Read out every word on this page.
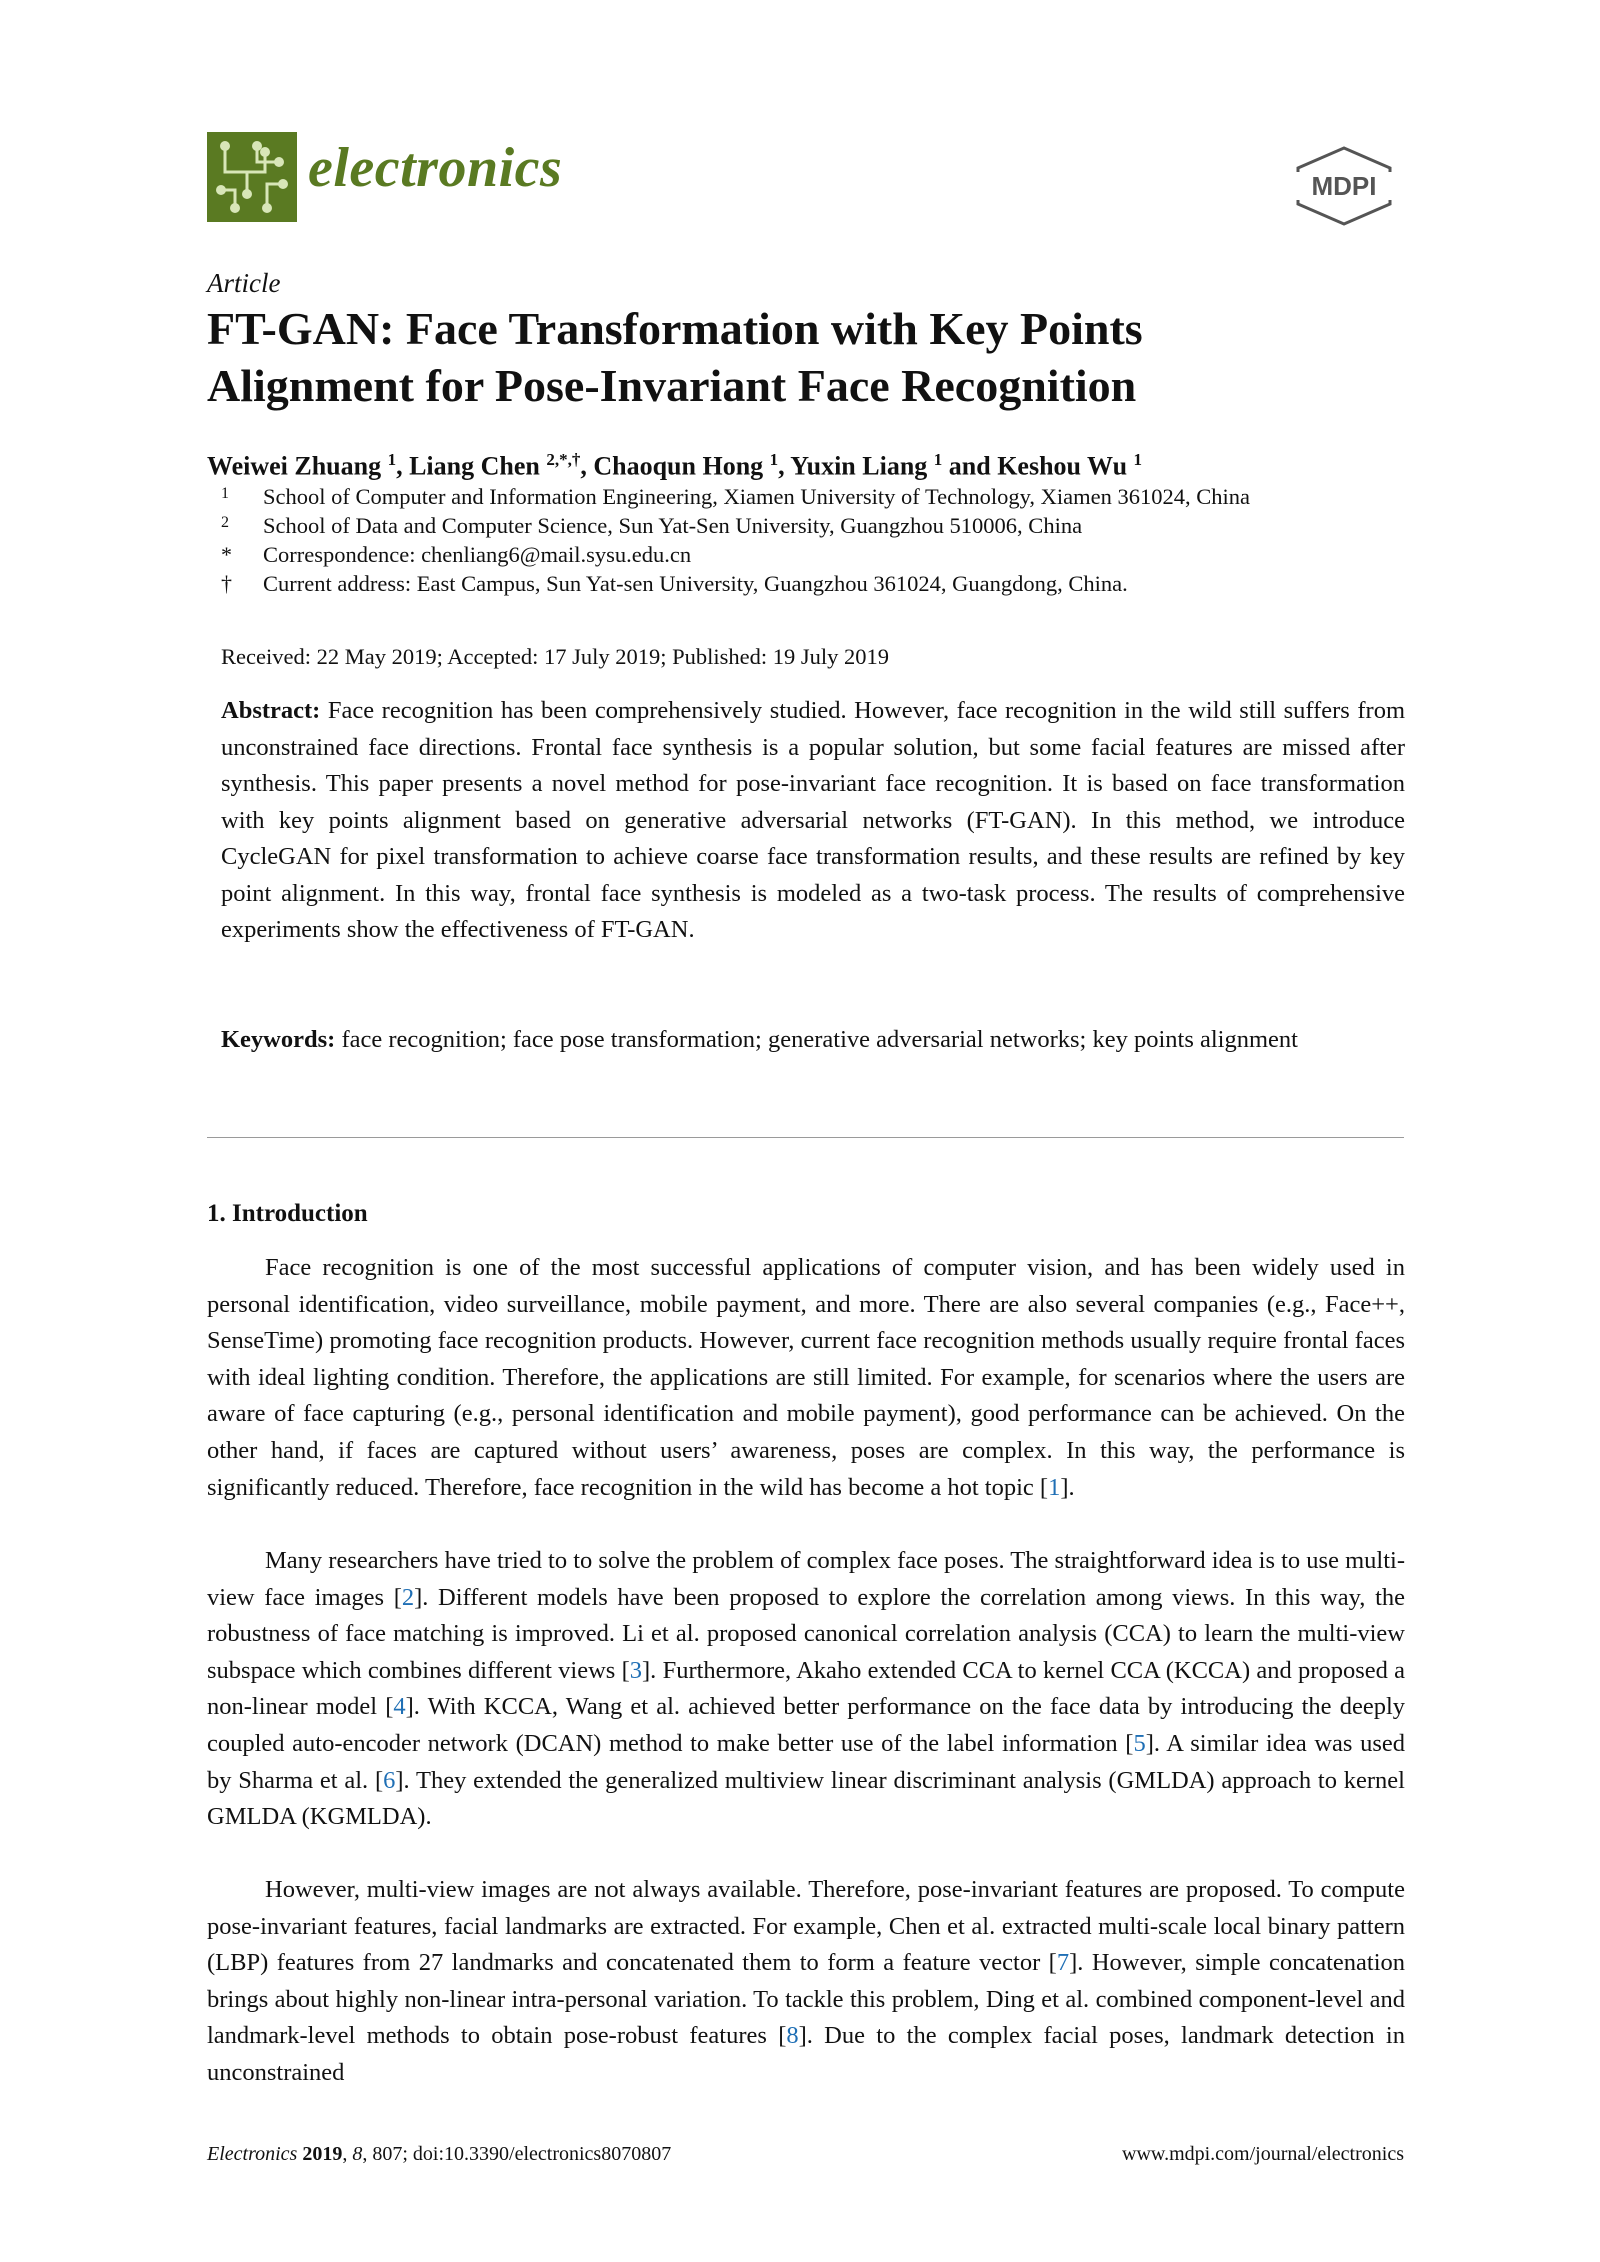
electronics	MDPI
Article
FT-GAN: Face Transformation with Key Points
Alignment for Pose-Invariant Face Recognition
Weiwei Zhuang $^1$, Liang Chen $^{2,*,\dagger}$, Chaoqun Hong $^1$, Yuxin Liang $^1$ and Keshou Wu $^1$
1 School of Computer and Information Engineering, Xiamen University of Technology, Xiamen 361024, China
2 School of Data and Computer Science, Sun Yat-Sen University, Guangzhou 510006, China
* Correspondence: chenliang6@mail.sysu.edu.cn
† Current address: East Campus, Sun Yat-sen University, Guangzhou 361024, Guangdong, China.
Received: 22 May 2019; Accepted: 17 July 2019; Published: 19 July 2019

Abstract: Face recognition has been comprehensively studied. However, face recognition in the wild still suffers from unconstrained face directions. Frontal face synthesis is a popular solution, but some facial features are missed after synthesis. This paper presents a novel method for pose-invariant face recognition. It is based on face transformation with key points alignment based on generative adversarial networks (FT-GAN). In this method, we introduce CycleGAN for pixel transformation to achieve coarse face transformation results, and these results are refined by key point alignment. In this way, frontal face synthesis is modeled as a two-task process. The results of comprehensive experiments show the effectiveness of FT-GAN.

Keywords: face recognition; face pose transformation; generative adversarial networks; key points alignment

1. Introduction

Face recognition is one of the most successful applications of computer vision, and has been widely used in personal identification, video surveillance, mobile payment, and more. There are also several companies (e.g., Face++, SenseTime) promoting face recognition products. However, current face recognition methods usually require frontal faces with ideal lighting condition. Therefore, the applications are still limited. For example, for scenarios where the users are aware of face capturing (e.g., personal identification and mobile payment), good performance can be achieved. On the other hand, if faces are captured without users’ awareness, poses are complex. In this way, the performance is significantly reduced. Therefore, face recognition in the wild has become a hot topic [1].

Many researchers have tried to to solve the problem of complex face poses. The straightforward idea is to use multi-view face images [2]. Different models have been proposed to explore the correlation among views. In this way, the robustness of face matching is improved. Li et al. proposed canonical correlation analysis (CCA) to learn the multi-view subspace which combines different views [3]. Furthermore, Akaho extended CCA to kernel CCA (KCCA) and proposed a non-linear model [4]. With KCCA, Wang et al. achieved better performance on the face data by introducing the deeply coupled auto-encoder network (DCAN) method to make better use of the label information [5]. A similar idea was used by Sharma et al. [6]. They extended the generalized multiview linear discriminant analysis (GMLDA) approach to kernel GMLDA (KGMLDA).

However, multi-view images are not always available. Therefore, pose-invariant features are proposed. To compute pose-invariant features, facial landmarks are extracted. For example, Chen et al. extracted multi-scale local binary pattern (LBP) features from 27 landmarks and concatenated them to form a feature vector [7]. However, simple concatenation brings about highly non-linear intra-personal variation. To tackle this problem, Ding et al. combined component-level and landmark-level methods to obtain pose-robust features [8]. Due to the complex facial poses, landmark detection in unconstrained

Electronics 2019, 8, 807; doi:10.3390/electronics8070807	www.mdpi.com/journal/electronics
